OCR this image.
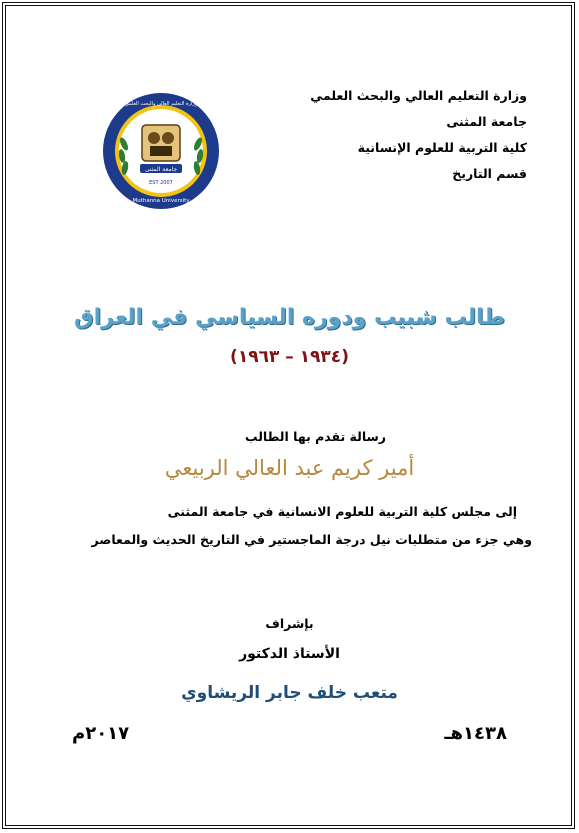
وزارة التعليم العالي والبحث العلمي
جامعة المثنى
كلية التربية للعلوم الإنسانية
قسم التاريخ
جامعة المثنى
EST 2007
وزارة التعليم العالي والبحث العلمي
Muthanna University
طالب شبيب ودوره السياسي في العراق
(١٩٣٤ – ١٩٦٣)
رسالة تقدم بها الطالب
أمير كريم عبد العالي الربيعي
إلى مجلس كلية التربية للعلوم الانسانية في جامعة المثنى
وهي جزء من متطلبات نيل درجة الماجستير في التاريخ الحديث والمعاصر
بإشراف
الأستاذ الدكتور
متعب خلف جابر الريشاوي
١٤٣٨هـ
٢٠١٧م
